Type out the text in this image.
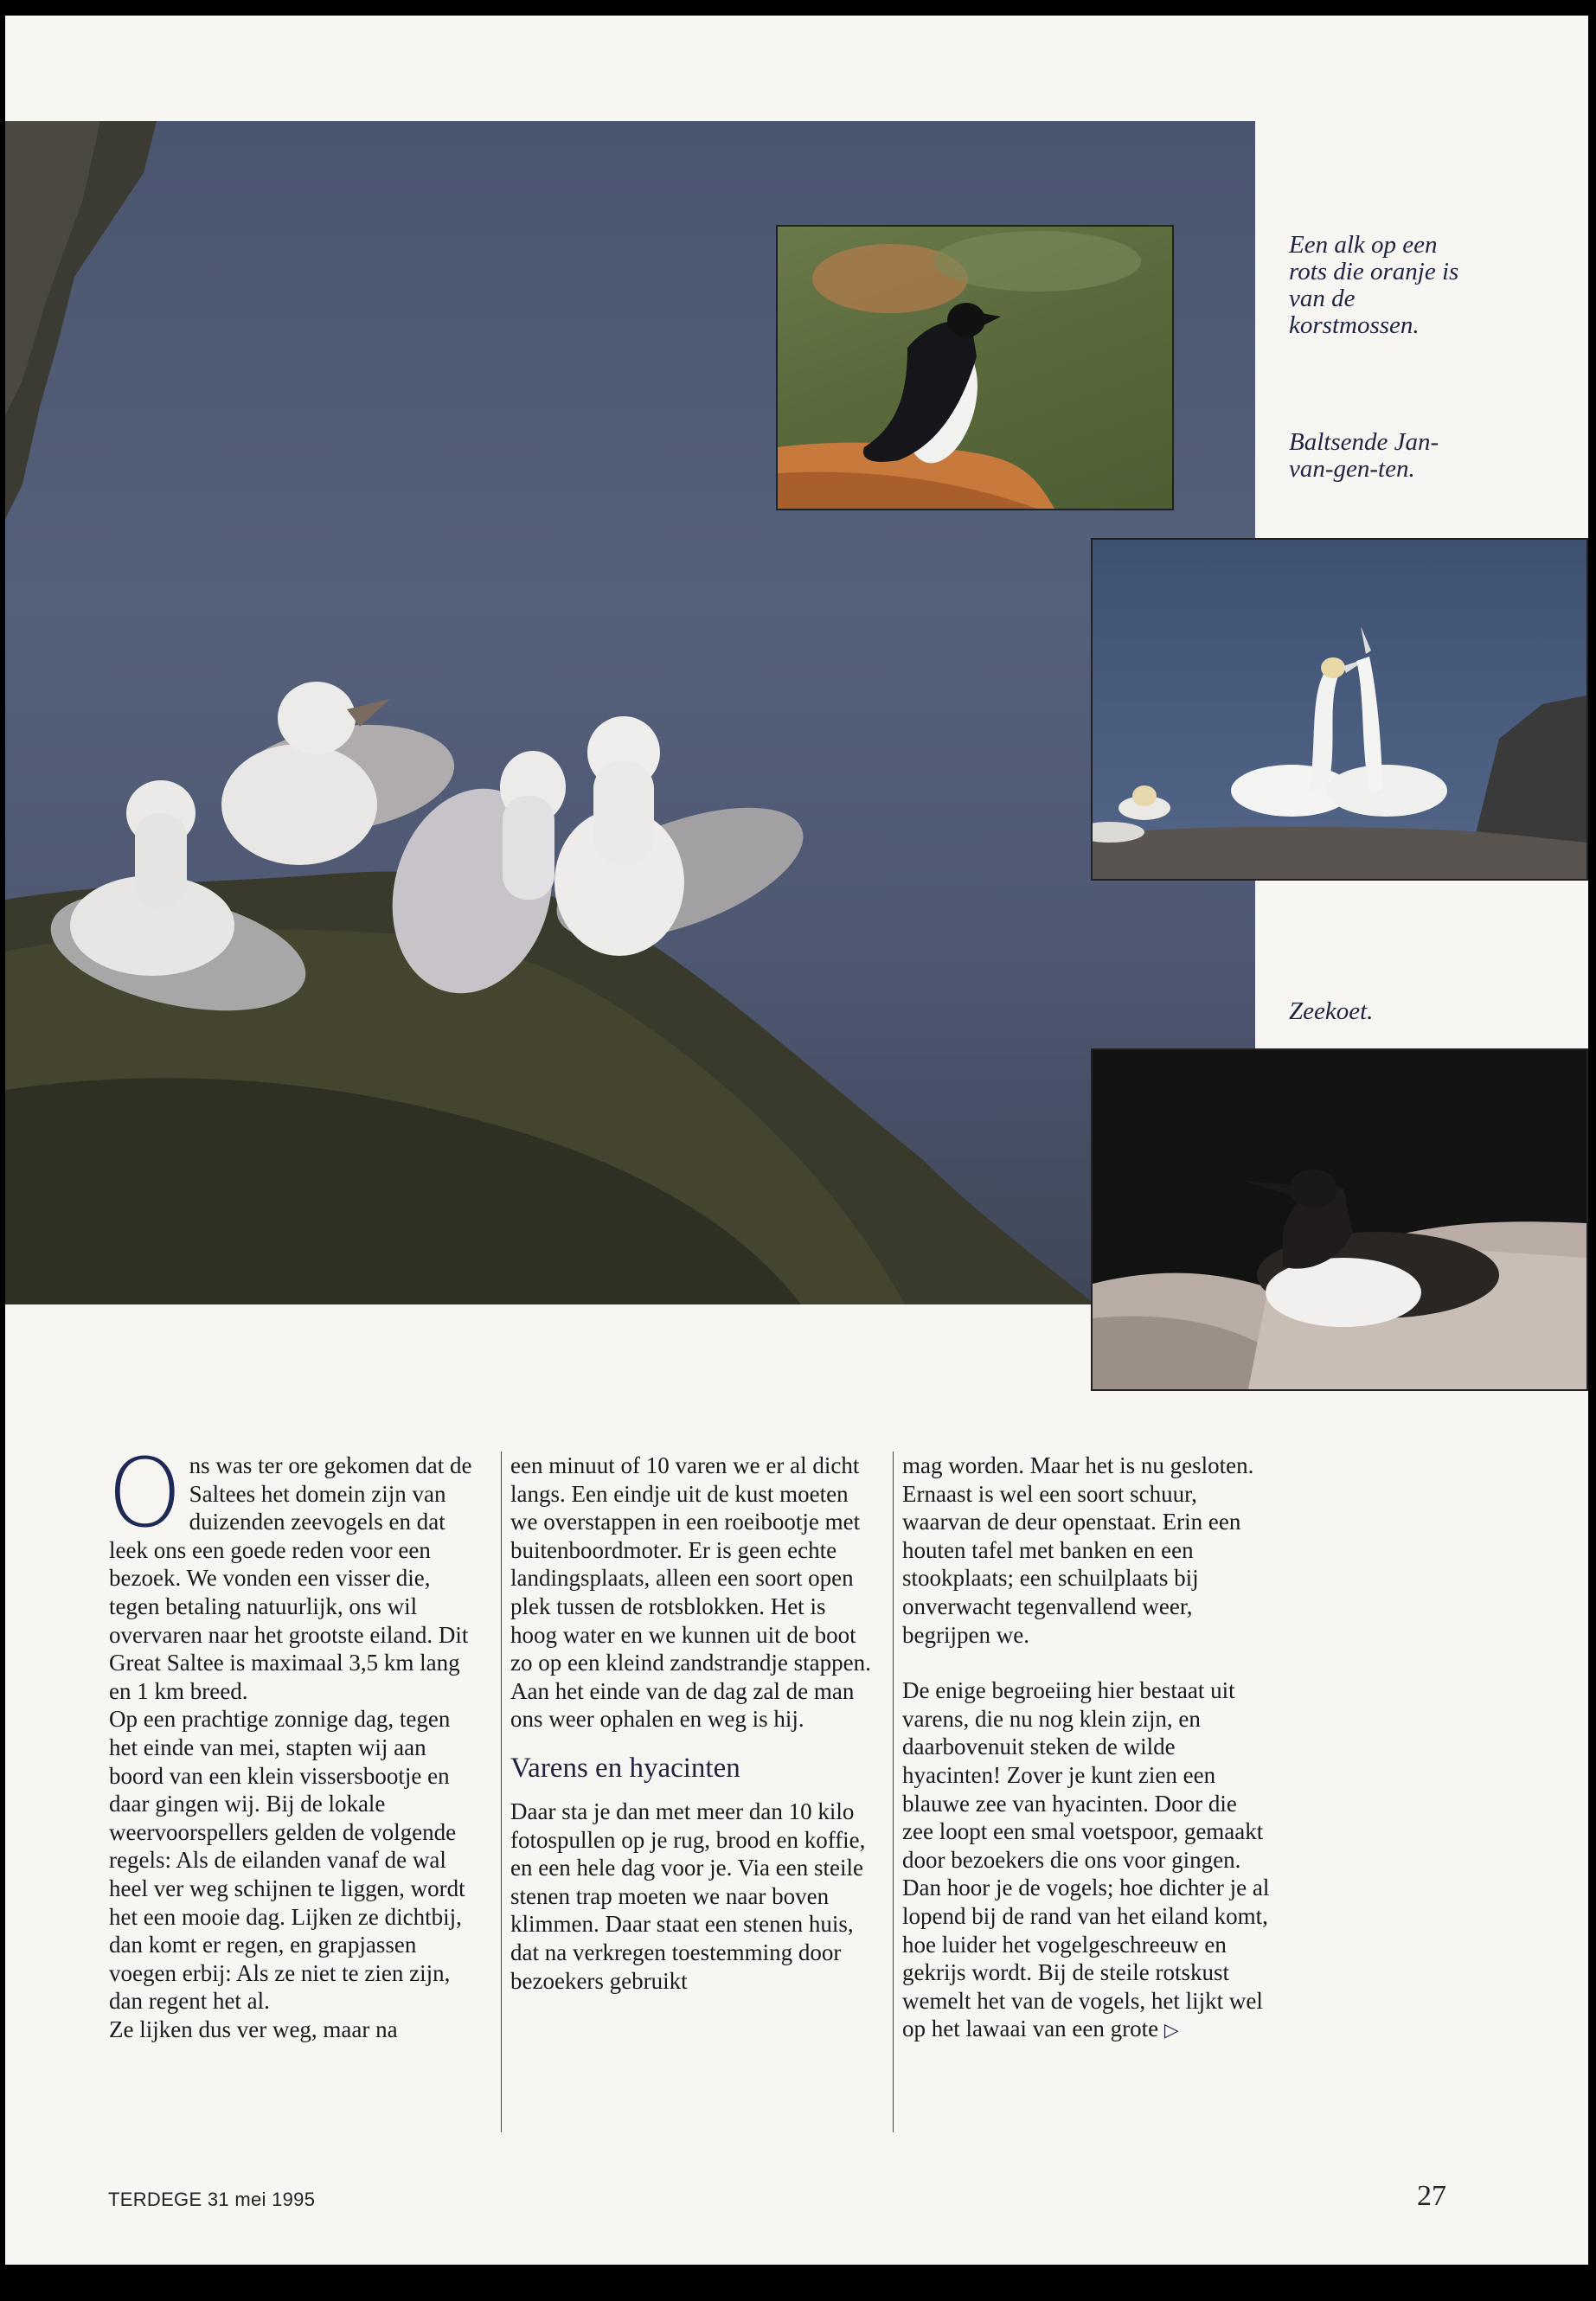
Een alk op een rots die oranje is van de korstmossen.

Baltsende Jan-van-gen-ten.

Zeekoet.

Ons was ter ore gekomen dat de Saltees het domein zijn van duizenden zeevogels en dat leek ons een goede reden voor een bezoek. We vonden een visser die, tegen betaling natuurlijk, ons wil overvaren naar het grootste eiland. Dit Great Saltee is maximaal 3,5 km lang en 1 km breed.

Op een prachtige zonnige dag, tegen het einde van mei, stapten wij aan boord van een klein vissersbootje en daar gingen wij. Bij de lokale weervoorspellers gelden de volgende regels: Als de eilanden vanaf de wal heel ver weg schijnen te liggen, wordt het een mooie dag. Lijken ze dichtbij, dan komt er regen, en grapjassen voegen erbij: Als ze niet te zien zijn, dan regent het al.

Ze lijken dus ver weg, maar na

een minuut of 10 varen we er al dicht langs. Een eindje uit de kust moeten we overstappen in een roeibootje met buitenboordmoter. Er is geen echte landingsplaats, alleen een soort open plek tussen de rotsblokken. Het is hoog water en we kunnen uit de boot zo op een kleind zandstrandje stappen. Aan het einde van de dag zal de man ons weer ophalen en weg is hij.

Varens en hyacinten

Daar sta je dan met meer dan 10 kilo fotospullen op je rug, brood en koffie, en een hele dag voor je. Via een steile stenen trap moeten we naar boven klimmen. Daar staat een stenen huis, dat na verkregen toestemming door bezoekers gebruikt

mag worden. Maar het is nu gesloten. Ernaast is wel een soort schuur, waarvan de deur openstaat. Erin een houten tafel met banken en een stookplaats; een schuilplaats bij onverwacht tegenvallend weer, begrijpen we.

De enige begroeiing hier bestaat uit varens, die nu nog klein zijn, en daarbovenuit steken de wilde hyacinten! Zover je kunt zien een blauwe zee van hyacinten. Door die zee loopt een smal voetspoor, gemaakt door bezoekers die ons voor gingen. Dan hoor je de vogels; hoe dichter je al lopend bij de rand van het eiland komt, hoe luider het vogelgeschreeuw en gekrijs wordt. Bij de steile rotskust wemelt het van de vogels, het lijkt wel op het lawaai van een grote ▷

TERDEGE 31 mei 1995	27
